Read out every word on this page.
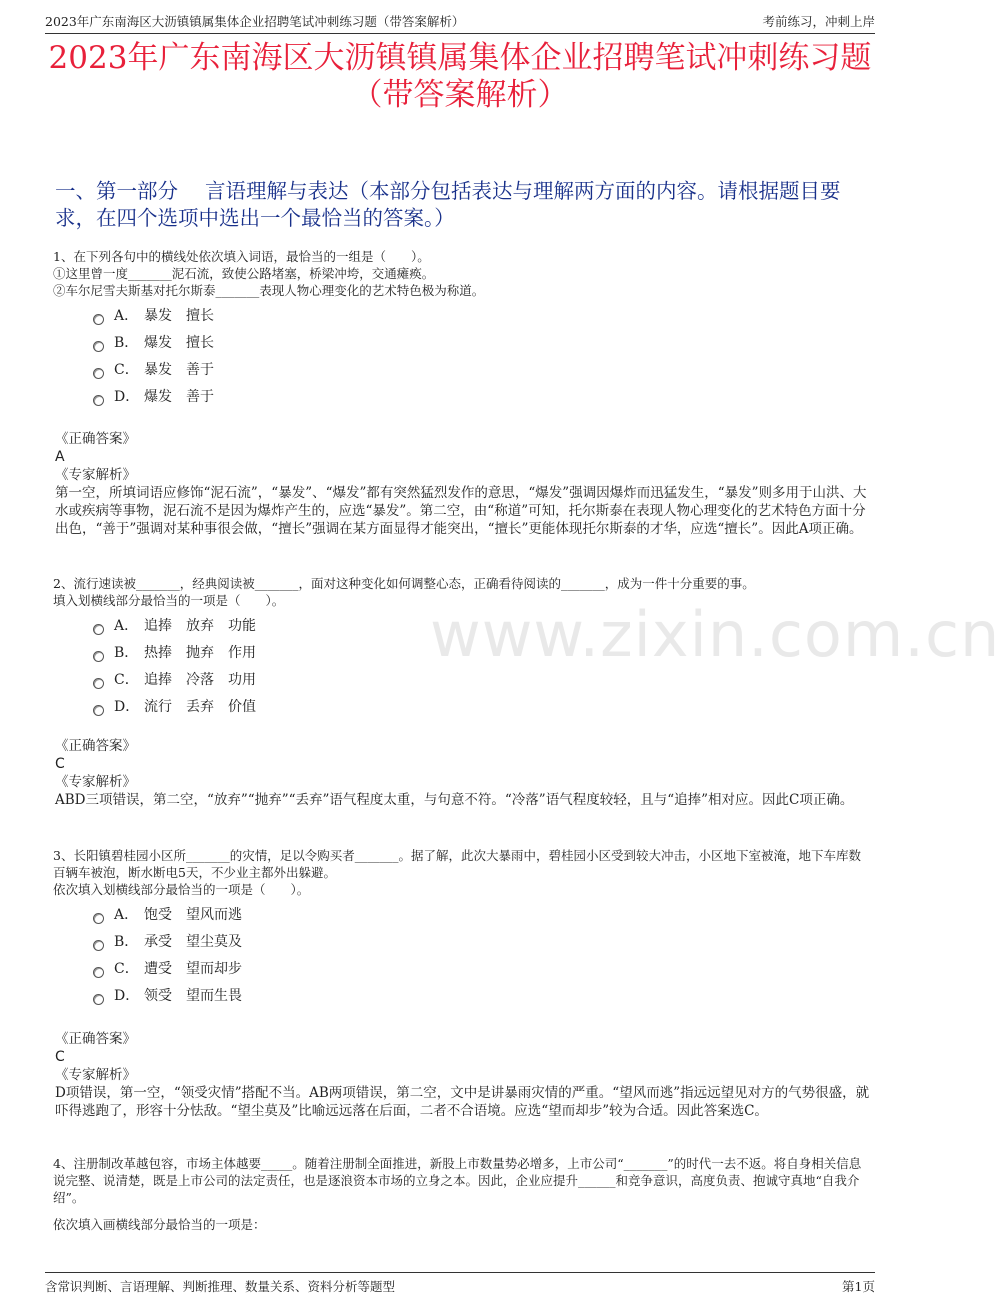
2023年广东南海区大沥镇镇属集体企业招聘笔试冲刺练习题（带答案解析）	考前练习，冲刺上岸
www.zixin.com.cn
2023年广东南海区大沥镇镇属集体企业招聘笔试冲刺练习题
（带答案解析）
一、第一部分　 言语理解与表达（本部分包括表达与理解两方面的内容。请根据题目要求，在四个选项中选出一个最恰当的答案。）

1、在下列各句中的横线处依次填入词语，最恰当的一组是（　　）。

①这里曾一度_______泥石流，致使公路堵塞，桥梁冲垮，交通瘫痪。

②车尔尼雪夫斯基对托尔斯泰_______表现人物心理变化的艺术特色极为称道。

A． 暴发　擅长
B． 爆发　擅长
C． 暴发　善于
D． 爆发　善于
《正确答案》
A
《专家解析》
第一空，所填词语应修饰“泥石流”，“暴发”、“爆发”都有突然猛烈发作的意思，“爆发”强调因爆炸而迅猛发生，“暴发”则多用于山洪、大水或疾病等事物，泥石流不是因为爆炸产生的，应选“暴发”。第二空，由“称道”可知，托尔斯泰在表现人物心理变化的艺术特色方面十分出色，“善于”强调对某种事很会做，“擅长”强调在某方面显得才能突出，“擅长”更能体现托尔斯泰的才华，应选“擅长”。因此A项正确。

2、流行速读被_______，经典阅读被_______，面对这种变化如何调整心态，正确看待阅读的_______，成为一件十分重要的事。

填入划横线部分最恰当的一项是（　　）。

A． 追捧　放弃　功能
B． 热捧　抛弃　作用
C． 追捧　冷落　功用
D． 流行　丢弃　价值
《正确答案》
C
《专家解析》
ABD三项错误，第二空，“放弃”“抛弃”“丢弃”语气程度太重，与句意不符。“冷落”语气程度较轻，且与“追捧”相对应。因此C项正确。

3、长阳镇碧桂园小区所_______的灾情，足以令购买者_______。据了解，此次大暴雨中，碧桂园小区受到较大冲击，小区地下室被淹，地下车库数百辆车被泡，断水断电5天，不少业主都外出躲避。

依次填入划横线部分最恰当的一项是（　　）。

A． 饱受　望风而逃
B． 承受　望尘莫及
C． 遭受　望而却步
D． 领受　望而生畏
《正确答案》
C
《专家解析》
D项错误，第一空，“领受灾情”搭配不当。AB两项错误，第二空，文中是讲暴雨灾情的严重。“望风而逃”指远远望见对方的气势很盛，就吓得逃跑了，形容十分怯敌。“望尘莫及”比喻远远落在后面，二者不合语境。应选“望而却步”较为合适。因此答案选C。

4、注册制改革越包容，市场主体越要_____。随着注册制全面推进，新股上市数量势必增多，上市公司“_______”的时代一去不返。将自身相关信息说完整、说清楚，既是上市公司的法定责任，也是逐浪资本市场的立身之本。因此，企业应提升______和竞争意识，高度负责、抱诚守真地“自我介绍”。

依次填入画横线部分最恰当的一项是：

含常识判断、言语理解、判断推理、数量关系、资料分析等题型	第1页
